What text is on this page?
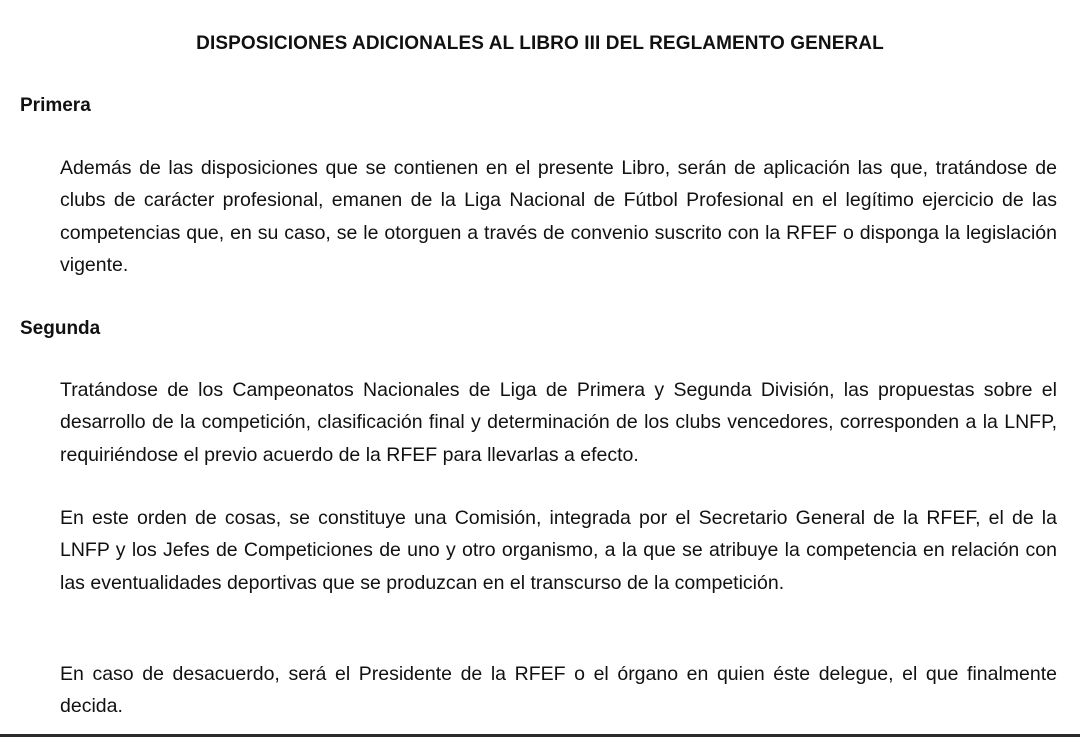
DISPOSICIONES ADICIONALES AL LIBRO III DEL REGLAMENTO GENERAL
Primera

Además de las disposiciones que se contienen en el presente Libro, serán de aplicación las que, tratándose de clubs de carácter profesional, emanen de la Liga Nacional de Fútbol Profesional en el legítimo ejercicio de las competencias que, en su caso, se le otorguen a través de convenio suscrito con la RFEF o disponga la legislación vigente.

Segunda

Tratándose de los Campeonatos Nacionales de Liga de Primera y Segunda División, las propuestas sobre el desarrollo de la competición, clasificación final y determinación de los clubs vencedores, corresponden a la LNFP, requiriéndose el previo acuerdo de la RFEF para llevarlas a efecto.

En este orden de cosas, se constituye una Comisión, integrada por el Secretario General de la RFEF, el de la LNFP y los Jefes de Competiciones de uno y otro organismo, a la que se atribuye la competencia en relación con las eventualidades deportivas que se produzcan en el transcurso de la competición.

En caso de desacuerdo, será el Presidente de la RFEF o el órgano en quien éste delegue, el que finalmente decida.
